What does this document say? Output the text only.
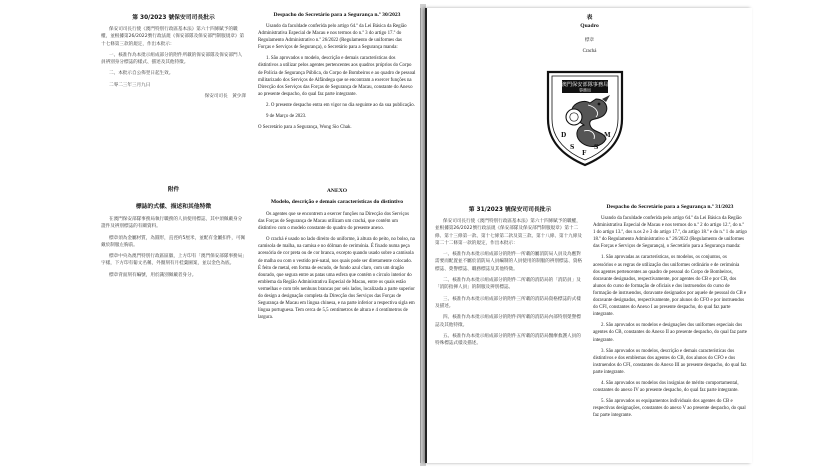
第 30/2023 號保安司司長批示

保安司司長行使《澳門特別行政區基本法》第六十四條賦予的職權，並根據第26/2022號行政法規《保安部隊及保安部門制服規章》第十七條第三款的規定，作出本批示：

一、核准作為本批示組成部分的附件所載的保安部隊及保安部門人員辨別身分標誌的樣式、描述及其他特徵。

二、本批示自公佈翌日起生效。

二零二三年三月九日

保安司司長　黃少澤

附件
標誌的式樣、描述和其他特徵

在澳門保安部隊事務局執行職務的人員使用標誌，其中須佩戴身分證件及辨別標誌的有關資料。

標章須為金屬材質，為圓形，直徑約5厘米，並配有金屬扣件，可佩戴於制服左胸前。

標章中央為澳門特別行政區區徽，上方印有「澳門保安部隊事務局」字樣，下方印有葡文名稱，外圈刻有月桂葉圖案，並以金色為底。

標章背面刻有編號，用於識別佩戴者身分。

Despacho do Secretário para a Segurança n.º 30/2023

Usando da faculdade conferida pelo artigo 64.º da Lei Básica da Região Administrativa Especial de Macau e nos termos do n.º 3 do artigo 17.º do Regulamento Administrativo n.º 26/2022 (Regulamento de uniformes das Forças e Serviços de Segurança), o Secretário para a Segurança manda:

1. São aprovados o modelo, descrição e demais características dos distintivos a utilizar pelos agentes pertencentes aos quadros próprios do Corpo de Polícia de Segurança Pública, do Corpo de Bombeiros e ao quadro de pessoal militarizado dos Serviços de Alfândega que se encontram a exercer funções na Direcção dos Serviços das Forças de Segurança de Macau, constante do Anexo ao presente despacho, do qual faz parte integrante.

2. O presente despacho entra em vigor no dia seguinte ao da sua publicação.

9 de Março de 2023.

O Secretário para a Segurança, Wong Sio Chak.

ANEXO
Modelo, descrição e demais características do distintivo

Os agentes que se encontrem a exercer funções na Direcção dos Serviços das Forças de Segurança de Macau utilizam um crachá, que contém um distintivo com o modelo constante do quadro do presente anexo.

O crachá é usado no lado direito do uniforme, à altura do peito, no bolso, na camisola de malha, na camisa e no dólman de cerimónia. É fixado numa peça acessória de cor preta ou de cor branca, excepto quando usado sobre a camisola de malha ou com o vestido pré-natal, nos quais pode ser diretamente colocado. É feito de metal, em forma de escudo, de fundo azul claro, com um dragão dourado, que segura entre as patas uma esfera que contém o círculo interior do emblema da Região Administrativa Especial de Macau, entre os quais estão vermelhas e com três nenhuns brancas por seis lados, localizada a parte superior do design a designação completa da Direcção dos Serviços das Forças de Segurança de Macau em língua chinesa, e na parte inferior a respectiva sigla em língua portuguesa. Tem cerca de 5,5 centímetros de altura e 4 centímetros de largura.

表
Quadro
標章
Crachá
澳門保安部隊事務局
事務局
D
S
F
S
M
第 31/2023 號保安司司長批示

保安司司長行使《澳門特別行政區基本法》第六十四條賦予的職權，並根據第26/2022號行政法規《保安部隊及保安部門制服規章》第十二條、第十三條第一款、第十七條第二款及第三款、第十八條、第十九條及第二十二條第一款的規定，作出本批示：

一、核准作為本批示組成部分的附件一所載的屬消防局人員及為應對需要而配置並不屬於消防局人員編制的人員使用的制服的辨別標誌、資格標誌、榮譽標誌、職務標誌及其他特徵。

二、核准作為本批示組成部分的附件二所載的消防局的「消防員」及「消防指揮人員」的制服及辨別標誌。

三、核准作為本批示組成部分的附件三所載的消防局資格標誌的式樣及描述。

四、核准作為本批示組成部分的附件四所載的消防局內部特別榮譽標誌及其他特徵。

五、核准作為本批示組成部分的附件五所載的消防局醫療救護人員的特殊標誌式樣及描述。

Despacho do Secretário para a Segurança n.º 31/2023

Usando da faculdade conferida pelo artigo 64.º da Lei Básica da Região Administrativa Especial de Macau e nos termos do n.º 2 do artigo 12.º, do n.º 1 do artigo 13.º, dos n.os 2 e 3 do artigo 17.º, do artigo 18.º e do n.º 1 do artigo 18.º do Regulamento Administrativo n.º 26/2022 (Regulamento de uniformes das Forças e Serviços de Segurança), o Secretário para a Segurança manda:

1. São aprovadas as características, os modelos, os conjuntos, os acessórios e as regras de utilização dos uniformes ordinário e de cerimónia dos agentes pertencentes ao quadro de pessoal do Corpo de Bombeiros, doravante designados, respectivamente, por agentes do CB e por CB, dos alunos do curso de formação de oficiais e dos instruendos do curso de formação de instruendos, doravante designados por aquele de pessoal do CB e doravante designados, respectivamente, por alunos do CFO e por instruendos do CFI, constantes do Anexo I ao presente despacho, do qual faz parte integrante.

2. São aprovados os modelos e designações dos uniformes especiais dos agentes do CB, constantes do Anexo II ao presente despacho, do qual faz parte integrante.

3. São aprovados os modelos, descrição e demais características dos distintivos e dos emblemas dos agentes do CB, dos alunos do CFO e dos instruendos do CFI, constantes do Anexo III ao presente despacho, do qual faz parte integrante.

4. São aprovados os modelos dos insígnias de mérito comportamental, constantes do anexo IV ao presente despacho, do qual faz parte integrante.

5. São aprovados os equipamentos individuais dos agentes do CB e respectivas designações, constantes do anexo V ao presente despacho, do qual faz parte integrante.
